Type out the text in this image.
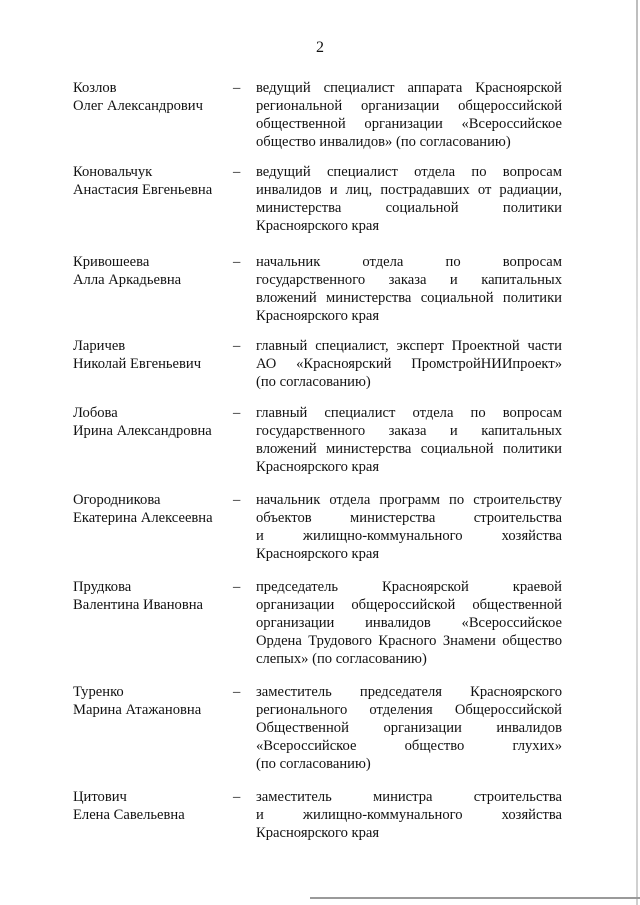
2
Козлов
Олег Александрович
– ведущий специалист аппарата Красноярской
региональной организации общероссийской
общественной организации «Всероссийское
общество инвалидов» (по согласованию)
Коновальчук
Анастасия Евгеньевна
– ведущий специалист отдела по вопросам
инвалидов и лиц, пострадавших от радиации,
министерства социальной политики
Красноярского края
Кривошеева
Алла Аркадьевна
– начальник отдела по вопросам
государственного заказа и капитальных
вложений министерства социальной политики
Красноярского края
Ларичев
Николай Евгеньевич
– главный специалист, эксперт Проектной части
АО «Красноярский ПромстройНИИпроект»
(по согласованию)
Лобова
Ирина Александровна
– главный специалист отдела по вопросам
государственного заказа и капитальных
вложений министерства социальной политики
Красноярского края
Огородникова
Екатерина Алексеевна
– начальник отдела программ по строительству
объектов министерства строительства
и жилищно-коммунального хозяйства
Красноярского края
Прудкова
Валентина Ивановна
– председатель Красноярской краевой
организации общероссийской общественной
организации инвалидов «Всероссийское
Ордена Трудового Красного Знамени общество
слепых» (по согласованию)
Туренко
Марина Атажановна
– заместитель председателя Красноярского
регионального отделения Общероссийской
Общественной организации инвалидов
«Всероссийское общество глухих»
(по согласованию)
Цитович
Елена Савельевна
– заместитель министра строительства
и жилищно-коммунального хозяйства
Красноярского края
